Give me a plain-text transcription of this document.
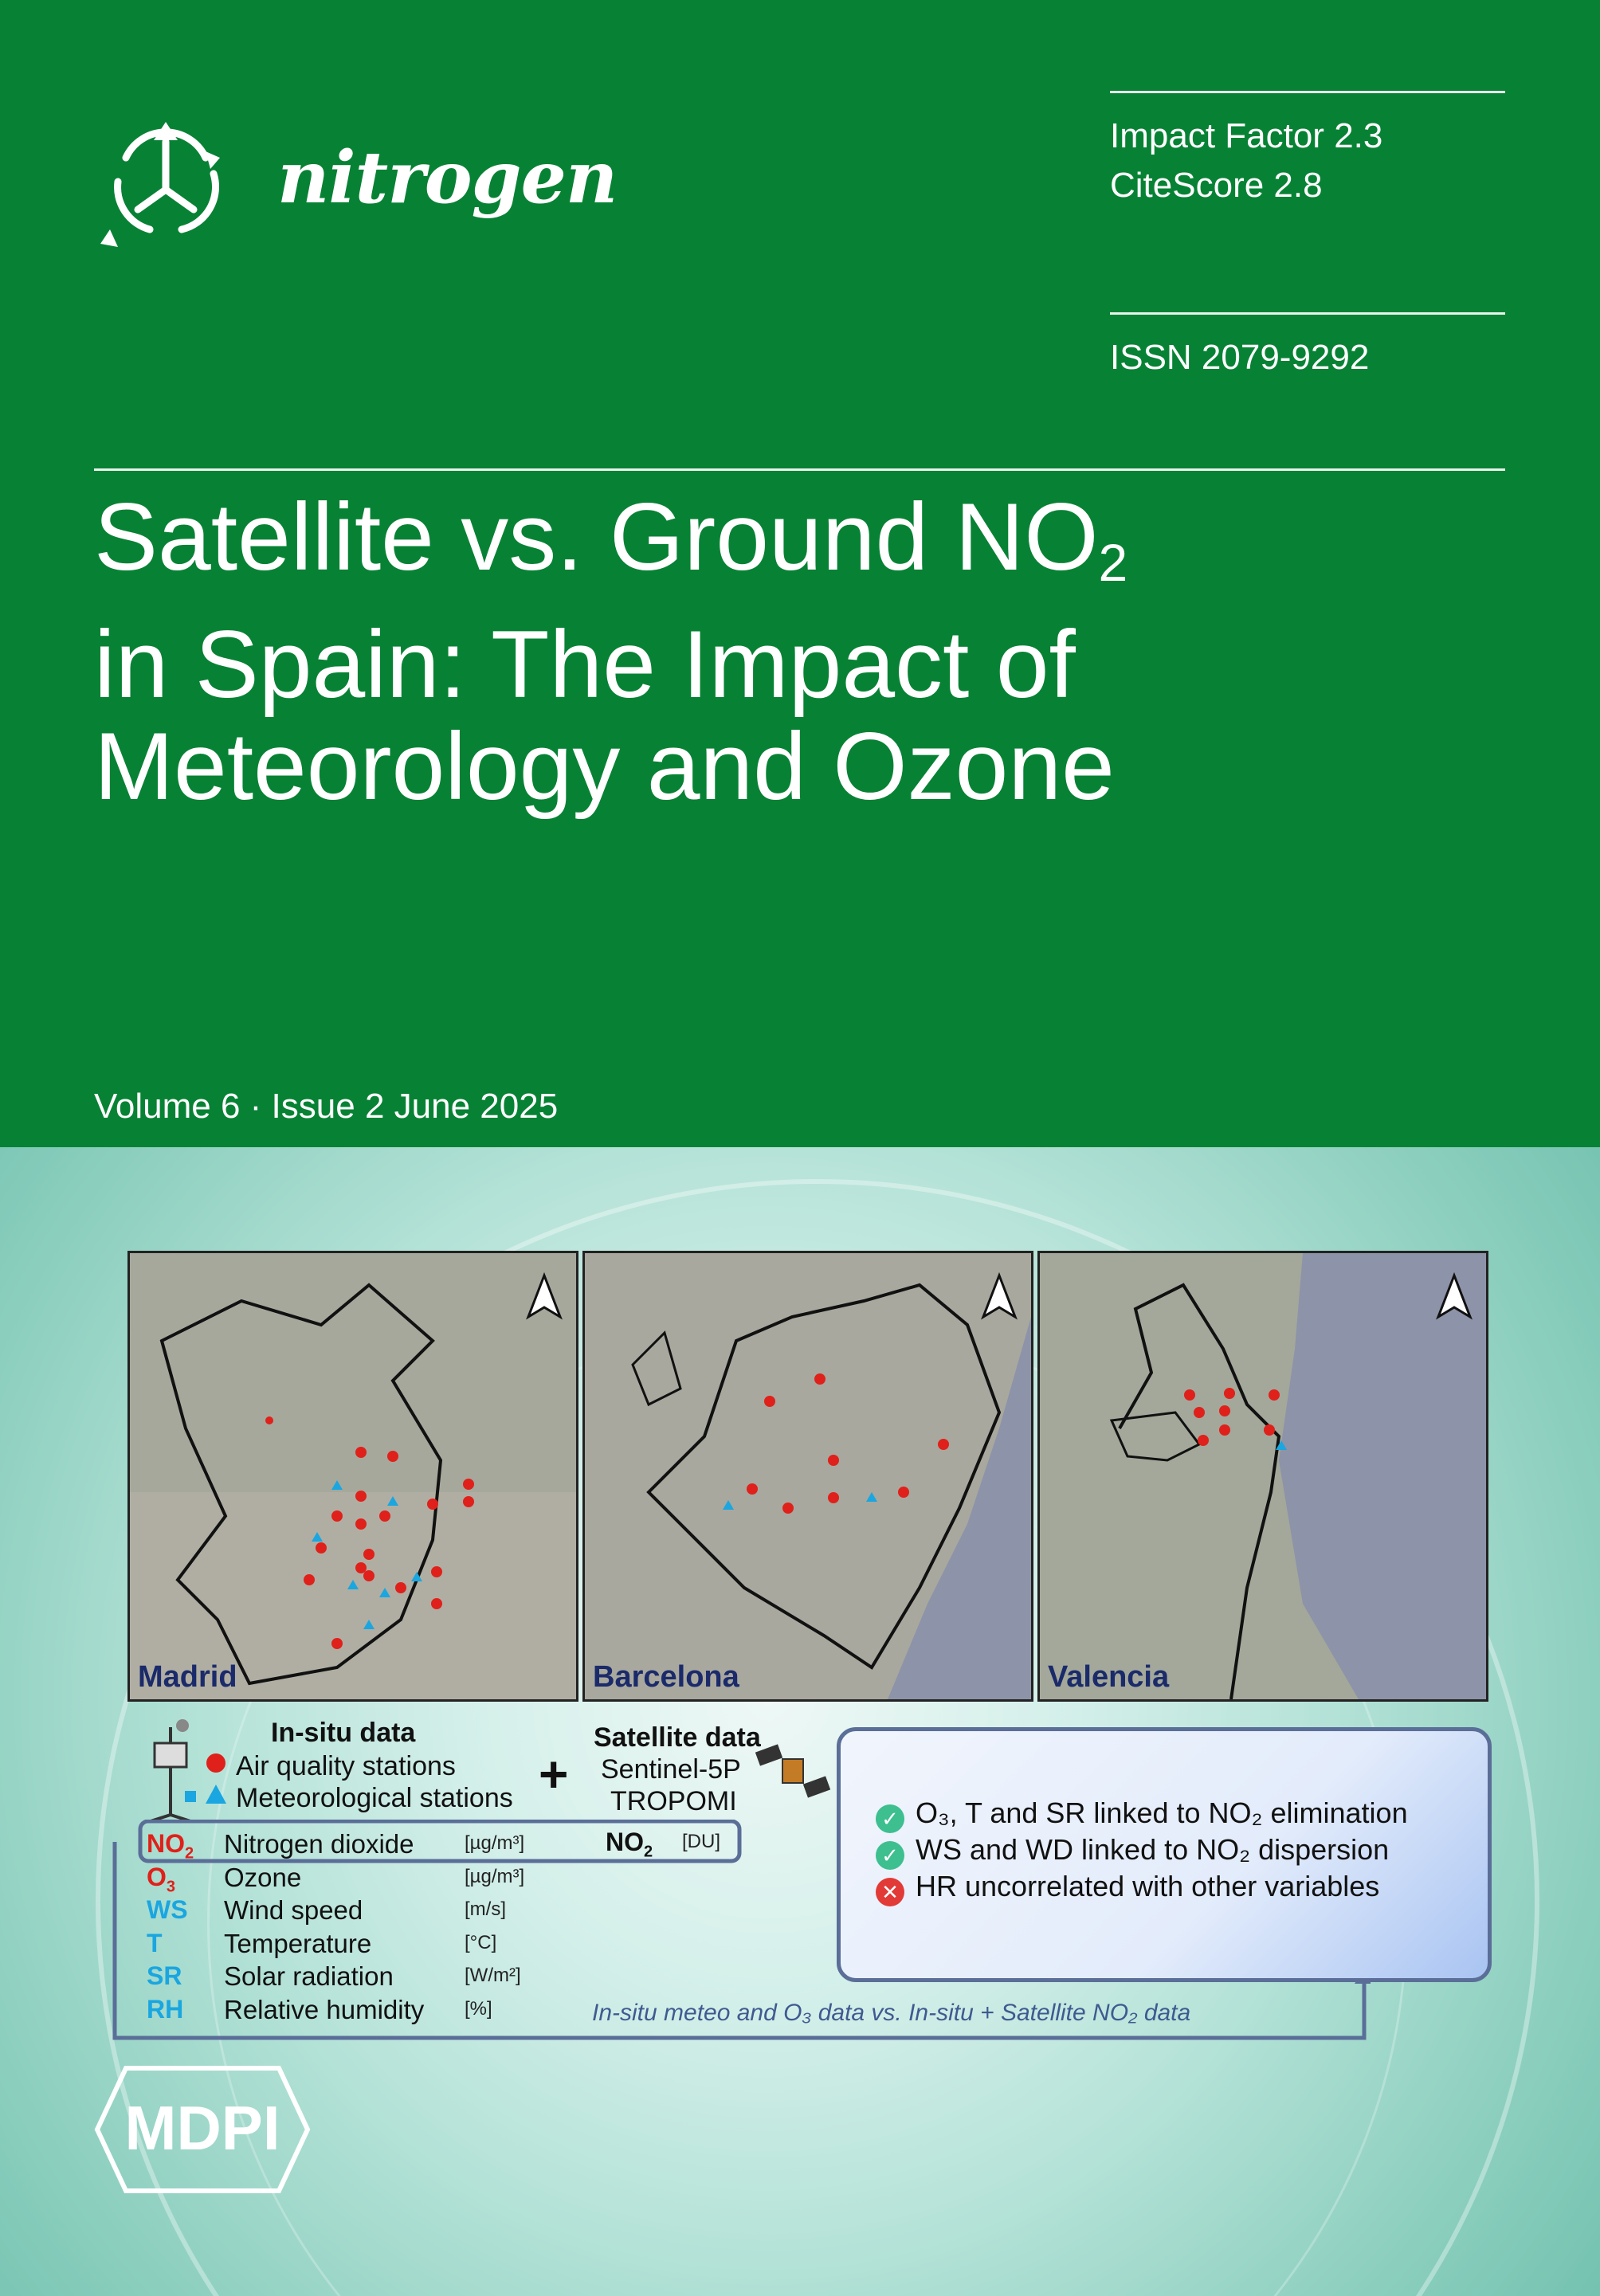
nitrogen	Impact Factor 2.3
CiteScore 2.8
ISSN 2079-9292
Satellite vs. Ground $NO_2$
in Spain: The Impact of
Meteorology and Ozone
Volume 6 · Issue 2 June 2025
Madrid	Barcelona	Valencia
In-situ data
Air quality stations
Meteorological stations +
Satellite data
Sentinel-5P
TROPOMI
$NO_2$ Nitrogen dioxide	[µg/m³]
$O_3$ Ozone	[µg/m³]
WS Wind speed	[m/s]
T Temperature	[°C]
SR Solar radiation	[W/m²]
RH Relative humidity [%]
$NO_2$ [DU]
In-situ meteo and O₃ data vs. In-situ + Satellite NO₂ data
✓ O₃, T and SR linked to NO₂ elimination
✓ WS and WD linked to NO₂ dispersion
✕ HR uncorrelated with other variables
MDPI
